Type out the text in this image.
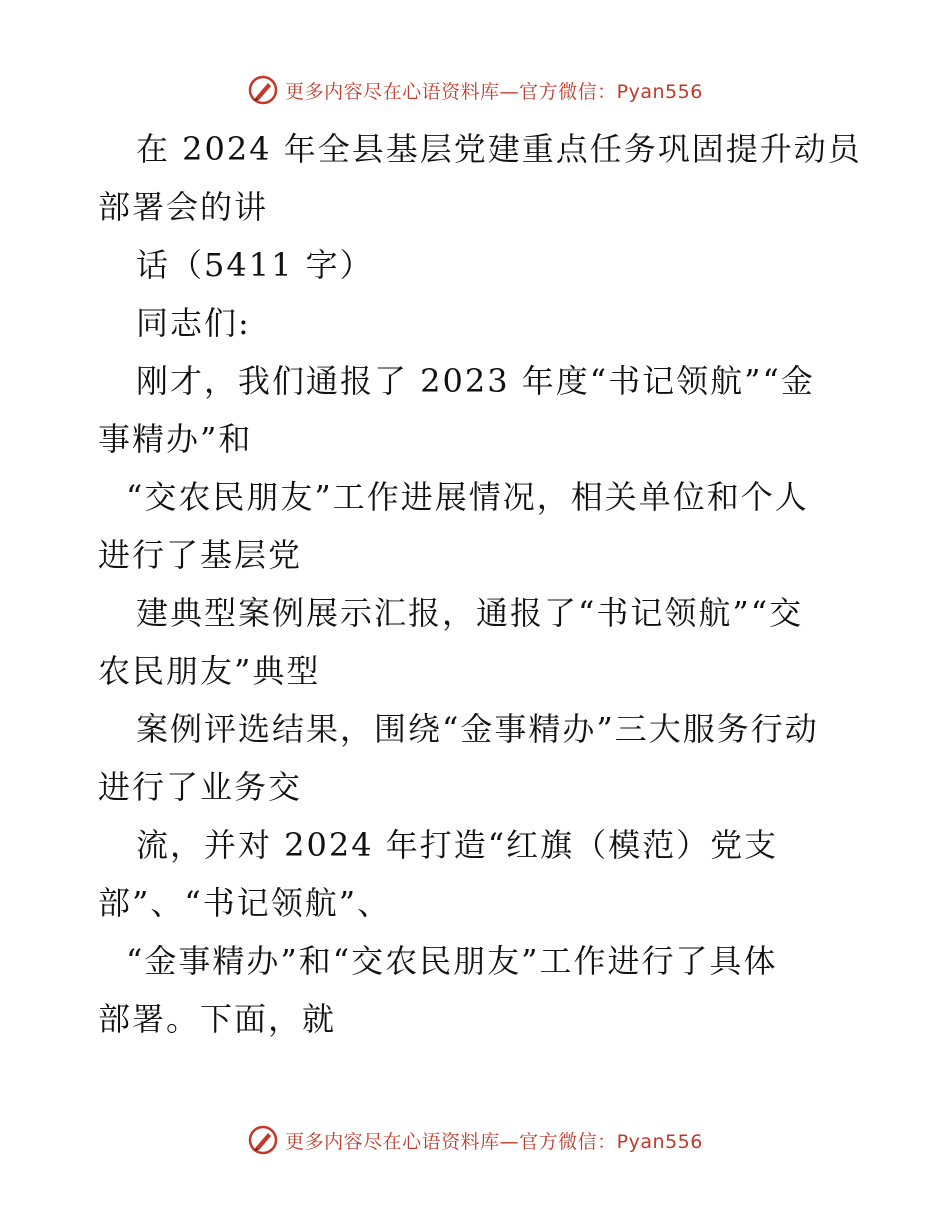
更多内容尽在心语资料库—官方微信：Pyan556
在 2024 年全县基层党建重点任务巩固提升动员
部署会的讲
话（5411 字）
同志们:
刚才，我们通报了 2023 年度“书记领航”“金
事精办”和
“交农民朋友”工作进展情况，相关单位和个人
进行了基层党
建典型案例展示汇报，通报了“书记领航”“交
农民朋友”典型
案例评选结果，围绕“金事精办”三大服务行动
进行了业务交
流，并对 2024 年打造“红旗（模范）党支
部”、“书记领航”、
“金事精办”和“交农民朋友”工作进行了具体
部署。下面，就
更多内容尽在心语资料库—官方微信：Pyan556
